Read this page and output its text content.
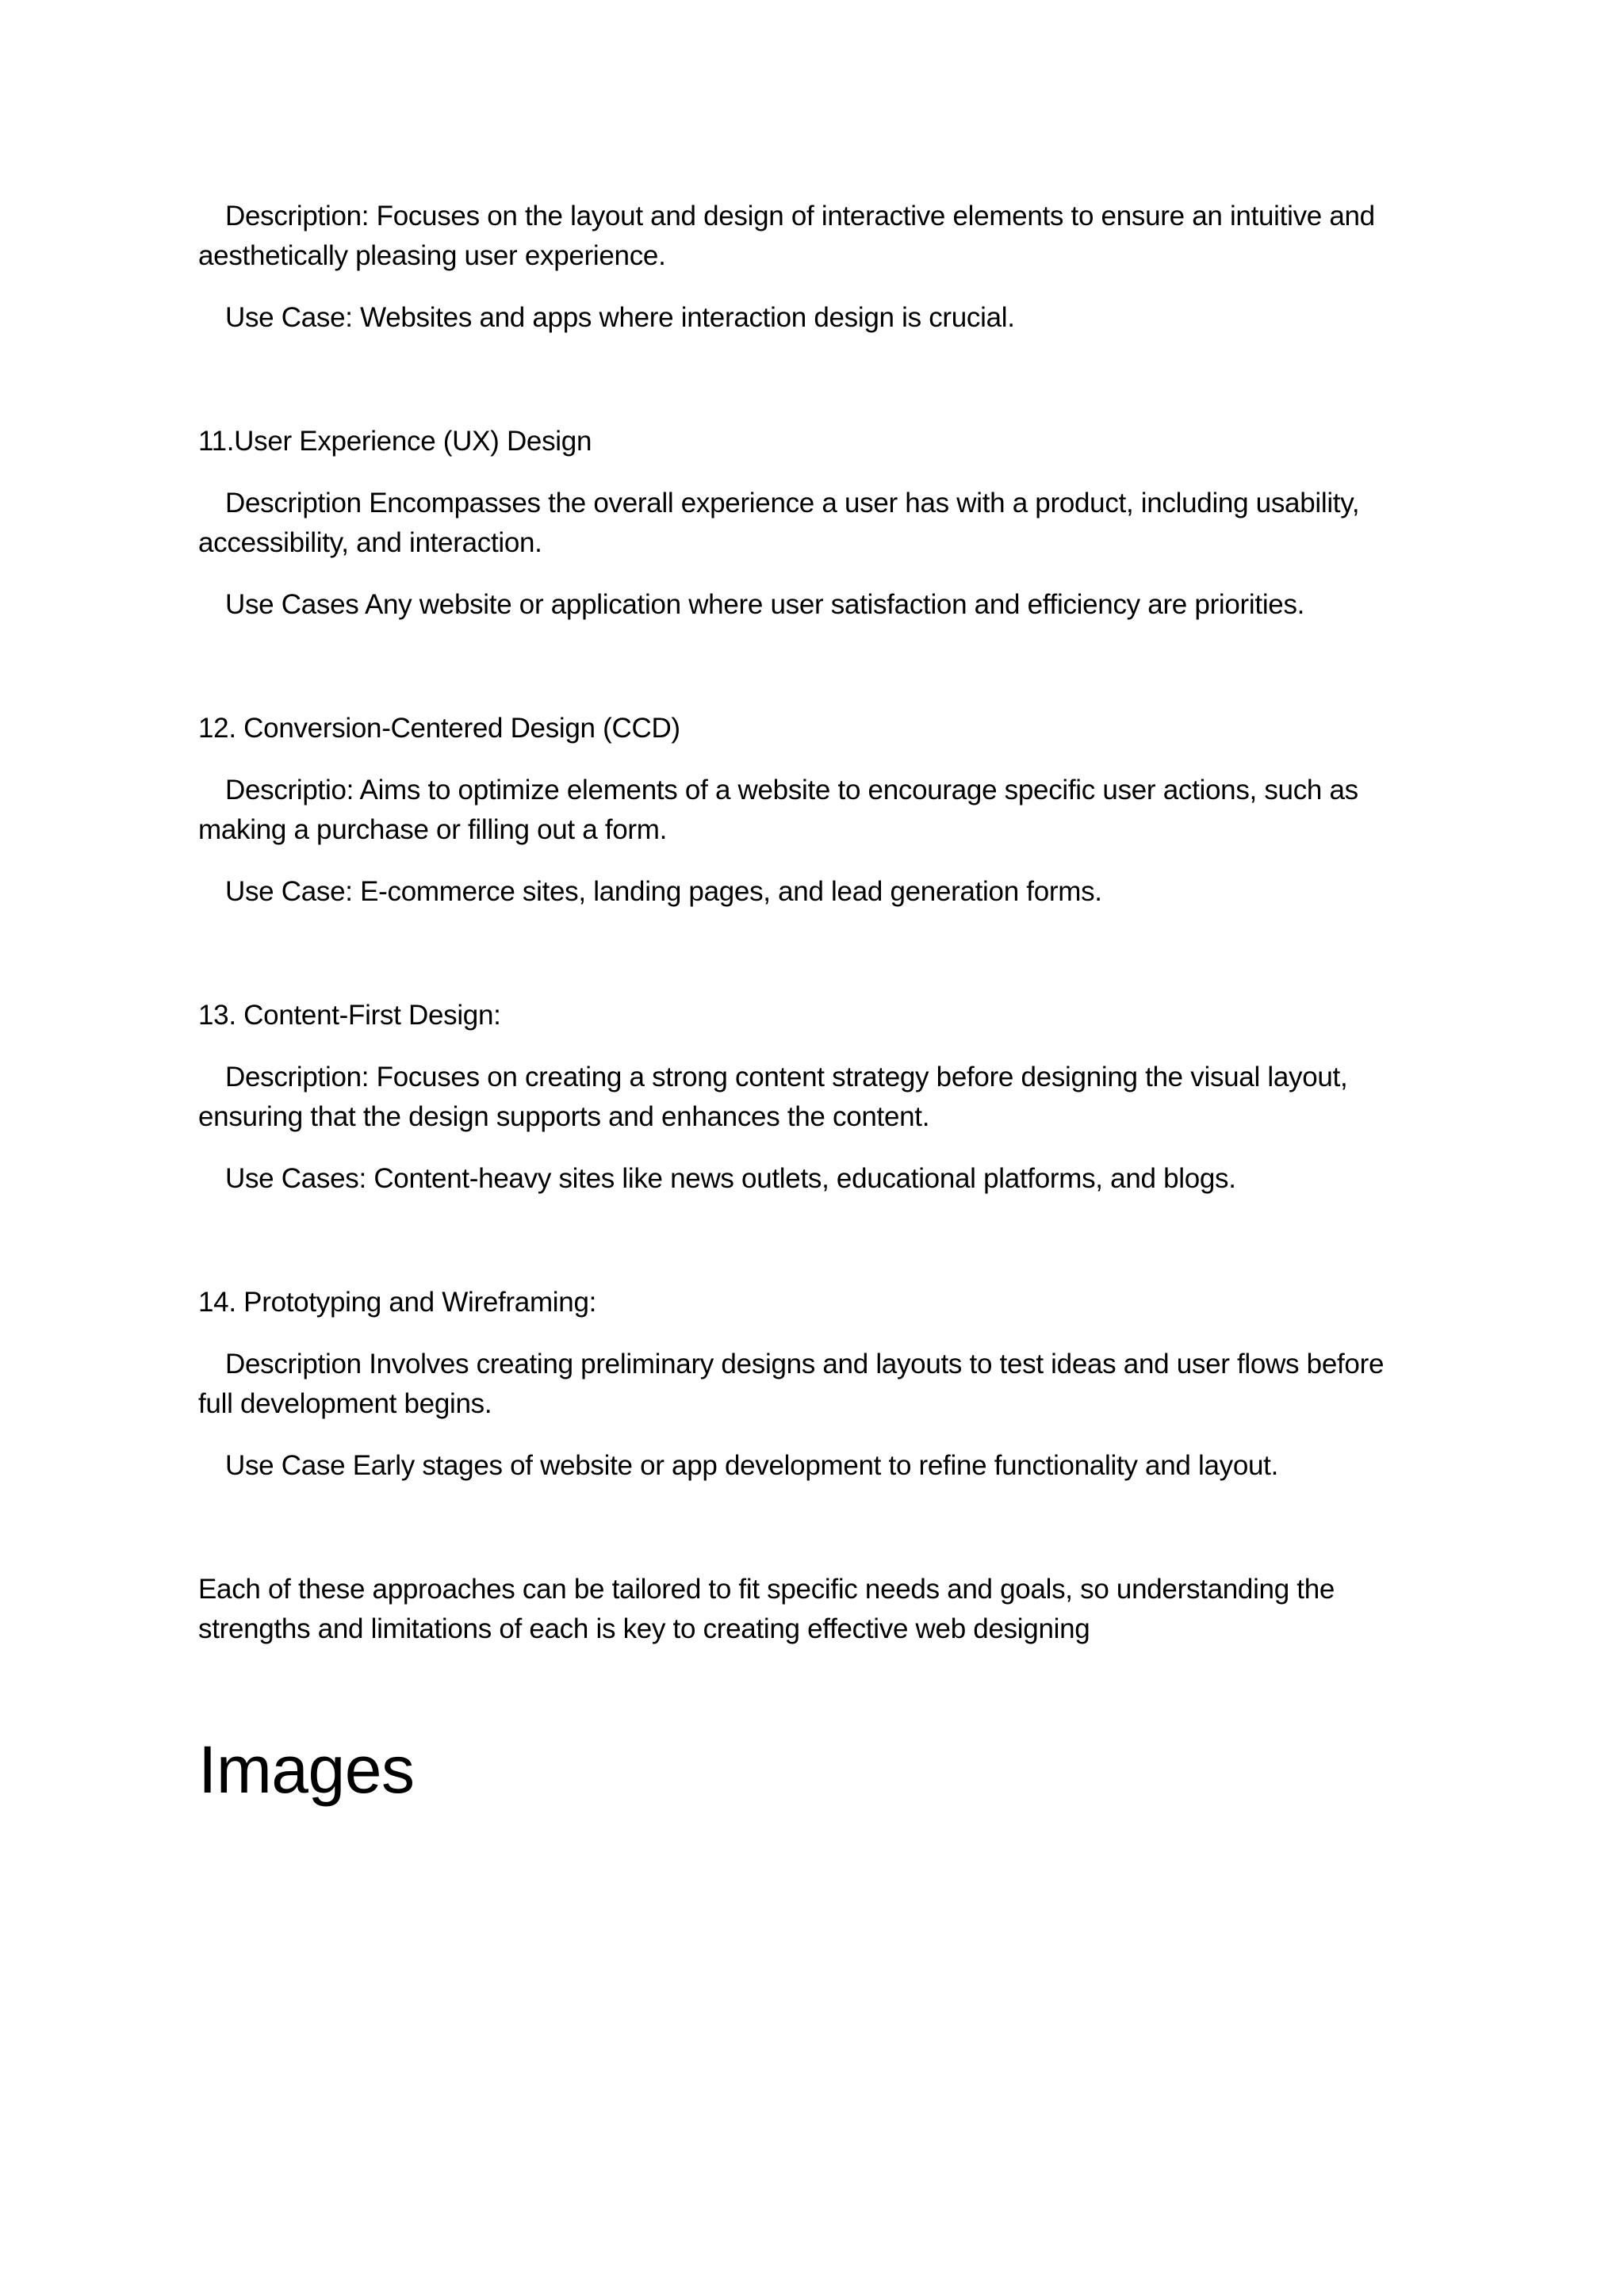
Description: Focuses on the layout and design of interactive elements to ensure an intuitive and aesthetically pleasing user experience.

Use Case: Websites and apps where interaction design is crucial.

11.User Experience (UX) Design

Description Encompasses the overall experience a user has with a product, including usability, accessibility, and interaction.

Use Cases Any website or application where user satisfaction and efficiency are priorities.

12. Conversion-Centered Design (CCD)

Descriptio: Aims to optimize elements of a website to encourage specific user actions, such as making a purchase or filling out a form.

Use Case: E-commerce sites, landing pages, and lead generation forms.

13. Content-First Design:

Description: Focuses on creating a strong content strategy before designing the visual layout, ensuring that the design supports and enhances the content.

Use Cases: Content-heavy sites like news outlets, educational platforms, and blogs.

14. Prototyping and Wireframing:

Description Involves creating preliminary designs and layouts to test ideas and user flows before full development begins.

Use Case Early stages of website or app development to refine functionality and layout.

Each of these approaches can be tailored to fit specific needs and goals, so understanding the strengths and limitations of each is key to creating effective web designing

Images
